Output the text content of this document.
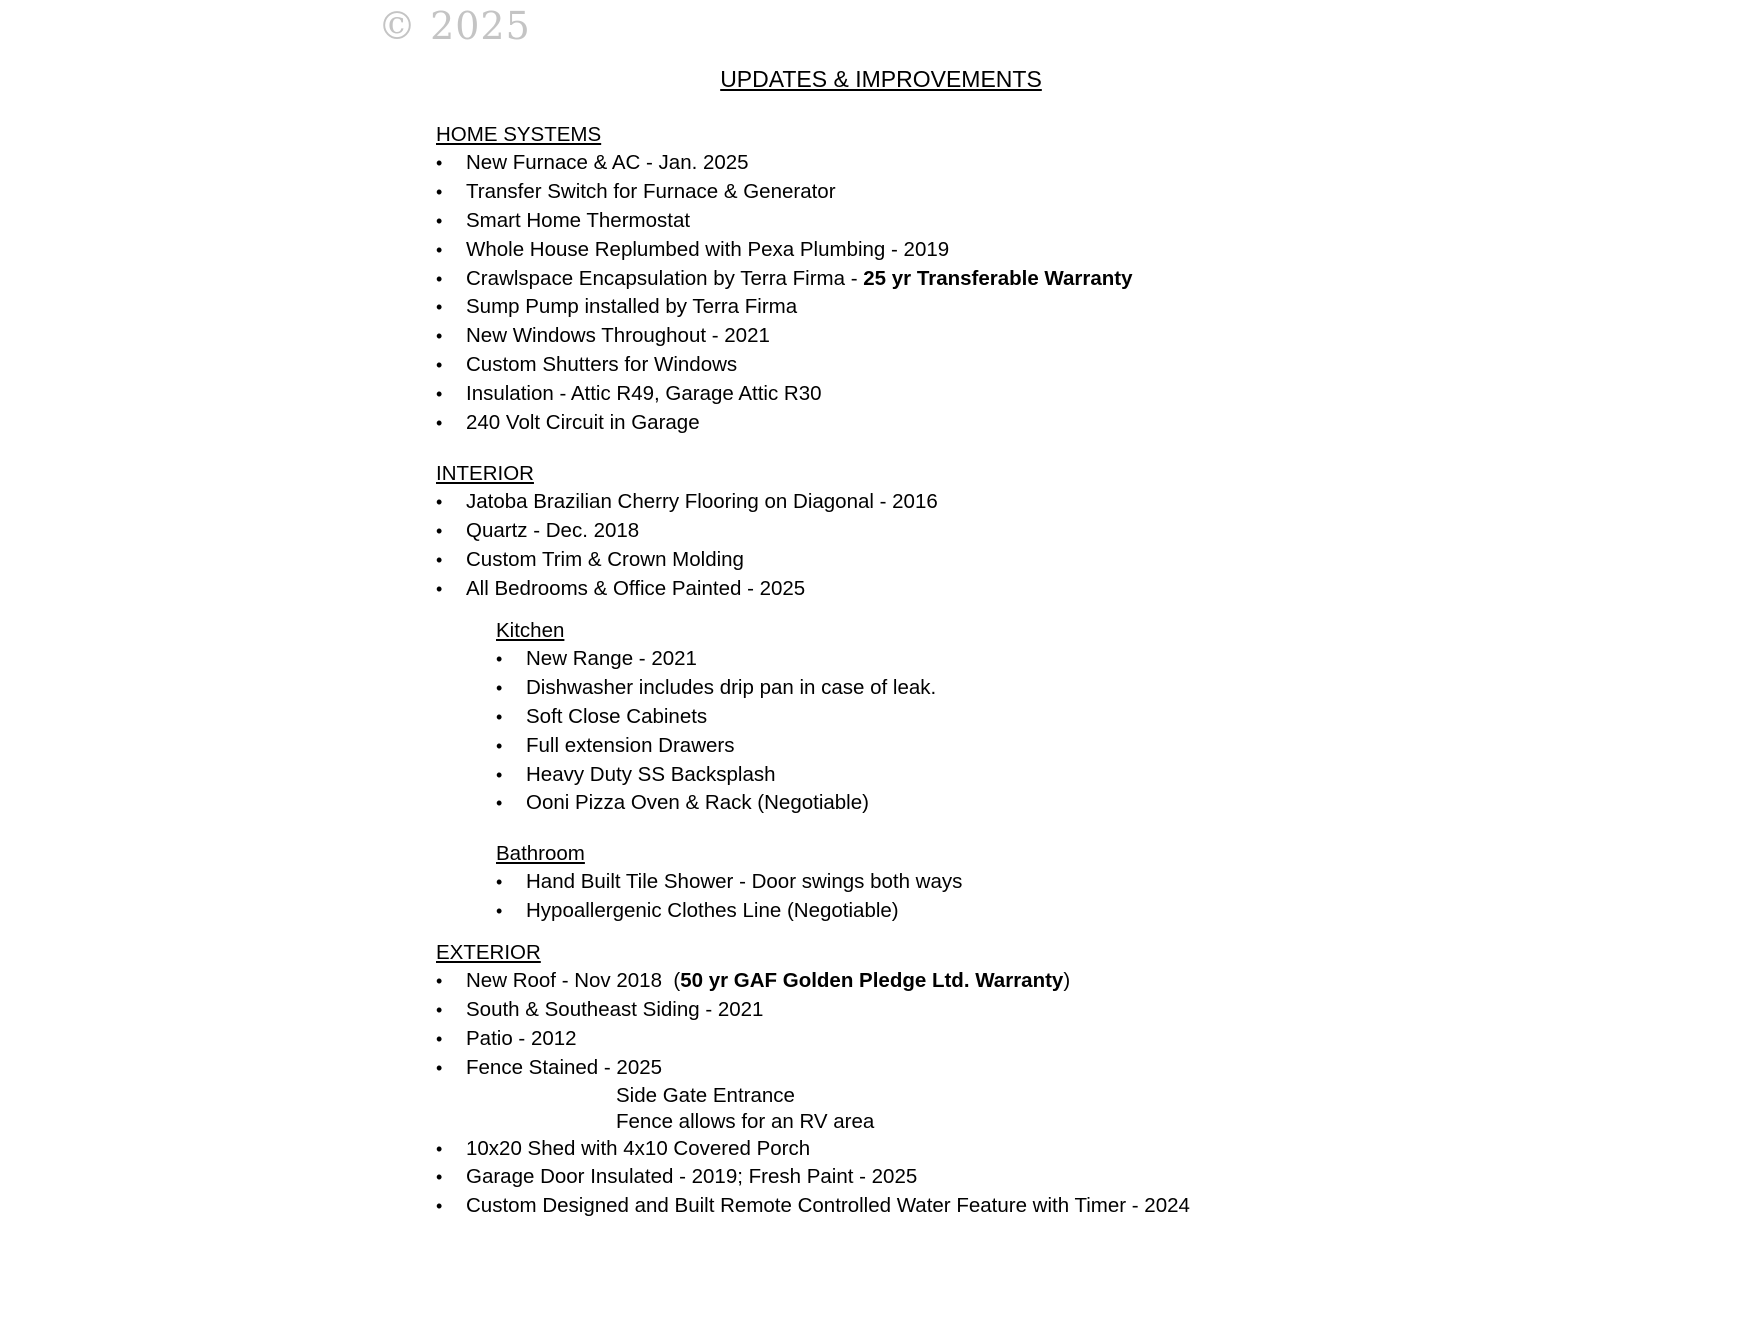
© 2025
UPDATES & IMPROVEMENTS
HOME SYSTEMS
• New Furnace & AC - Jan. 2025
• Transfer Switch for Furnace & Generator
• Smart Home Thermostat
• Whole House Replumbed with Pexa Plumbing - 2019
• Crawlspace Encapsulation by Terra Firma - 25 yr Transferable Warranty
• Sump Pump installed by Terra Firma
• New Windows Throughout - 2021
• Custom Shutters for Windows
• Insulation - Attic R49, Garage Attic R30
• 240 Volt Circuit in Garage
INTERIOR
• Jatoba Brazilian Cherry Flooring on Diagonal - 2016
• Quartz - Dec. 2018
• Custom Trim & Crown Molding
• All Bedrooms & Office Painted - 2025
Kitchen
• New Range - 2021
• Dishwasher includes drip pan in case of leak.
• Soft Close Cabinets
• Full extension Drawers
• Heavy Duty SS Backsplash
• Ooni Pizza Oven & Rack (Negotiable)
Bathroom
• Hand Built Tile Shower - Door swings both ways
• Hypoallergenic Clothes Line (Negotiable)
EXTERIOR
• New Roof - Nov 2018  (50 yr GAF Golden Pledge Ltd. Warranty)
• South & Southeast Siding - 2021
• Patio - 2012
• Fence Stained - 2025
Side Gate Entrance
Fence allows for an RV area
• 10x20 Shed with 4x10 Covered Porch
• Garage Door Insulated - 2019; Fresh Paint - 2025
• Custom Designed and Built Remote Controlled Water Feature with Timer - 2024
